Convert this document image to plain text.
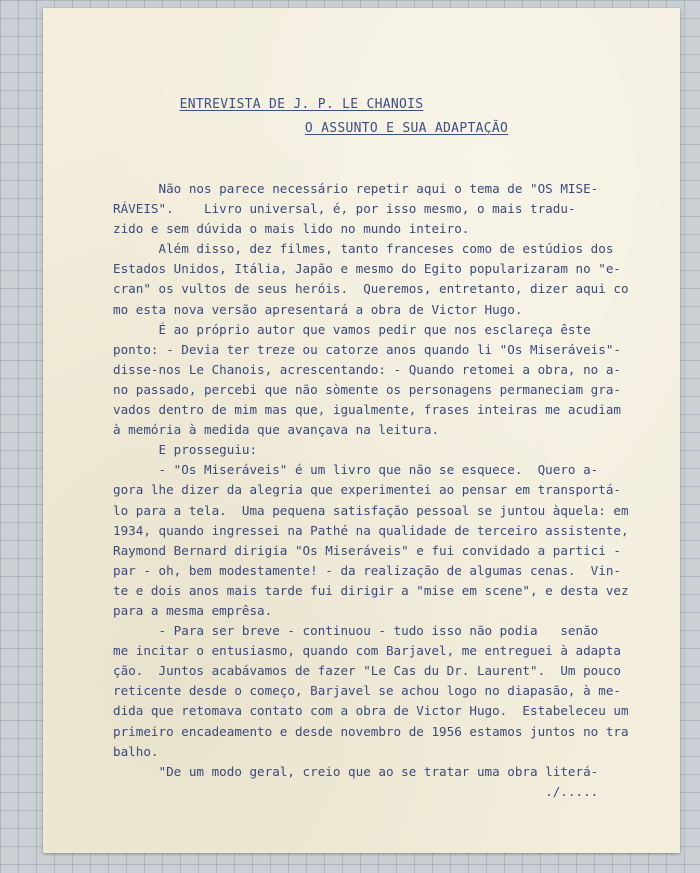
ENTREVISTA DE J. P. LE CHANOIS
O ASSUNTO E SUA ADAPTAÇÃO
Não nos parece necessário repetir aqui o tema de "OS MISE-
RÁVEIS".    Livro universal, é, por isso mesmo, o mais tradu-
zido e sem dúvida o mais lido no mundo inteiro.
Além disso, dez filmes, tanto franceses como de estúdios dos
Estados Unidos, Itália, Japão e mesmo do Egito popularizaram no "e-
cran" os vultos de seus heróis.  Queremos, entretanto, dizer aqui co
mo esta nova versão apresentará a obra de Victor Hugo.
É ao próprio autor que vamos pedir que nos esclareça êste
ponto: - Devia ter treze ou catorze anos quando li "Os Miseráveis"-
disse-nos Le Chanois, acrescentando: - Quando retomei a obra, no a-
no passado, percebi que não sòmente os personagens permaneciam gra-
vados dentro de mim mas que, igualmente, frases inteiras me acudiam
à memória à medida que avançava na leitura.
E prosseguiu:
- "Os Miseráveis" é um livro que não se esquece.  Quero a-
gora lhe dizer da alegria que experimentei ao pensar em transportá-
lo para a tela.  Uma pequena satisfação pessoal se juntou àquela: em
1934, quando ingressei na Pathé na qualidade de terceiro assistente,
Raymond Bernard dirigia "Os Miseráveis" e fui convidado a partici -
par - oh, bem modestamente! - da realização de algumas cenas.  Vin-
te e dois anos mais tarde fui dirigir a "mise em scene", e desta vez
para a mesma emprêsa.
- Para ser breve - continuou - tudo isso não podia   senão
me incitar o entusiasmo, quando com Barjavel, me entreguei à adapta
ção.  Juntos acabávamos de fazer "Le Cas du Dr. Laurent".  Um pouco
reticente desde o começo, Barjavel se achou logo no diapasão, à me-
dida que retomava contato com a obra de Victor Hugo.  Estabeleceu um
primeiro encadeamento e desde novembro de 1956 estamos juntos no tra
balho.
"De um modo geral, creio que ao se tratar uma obra literá-
./.....
